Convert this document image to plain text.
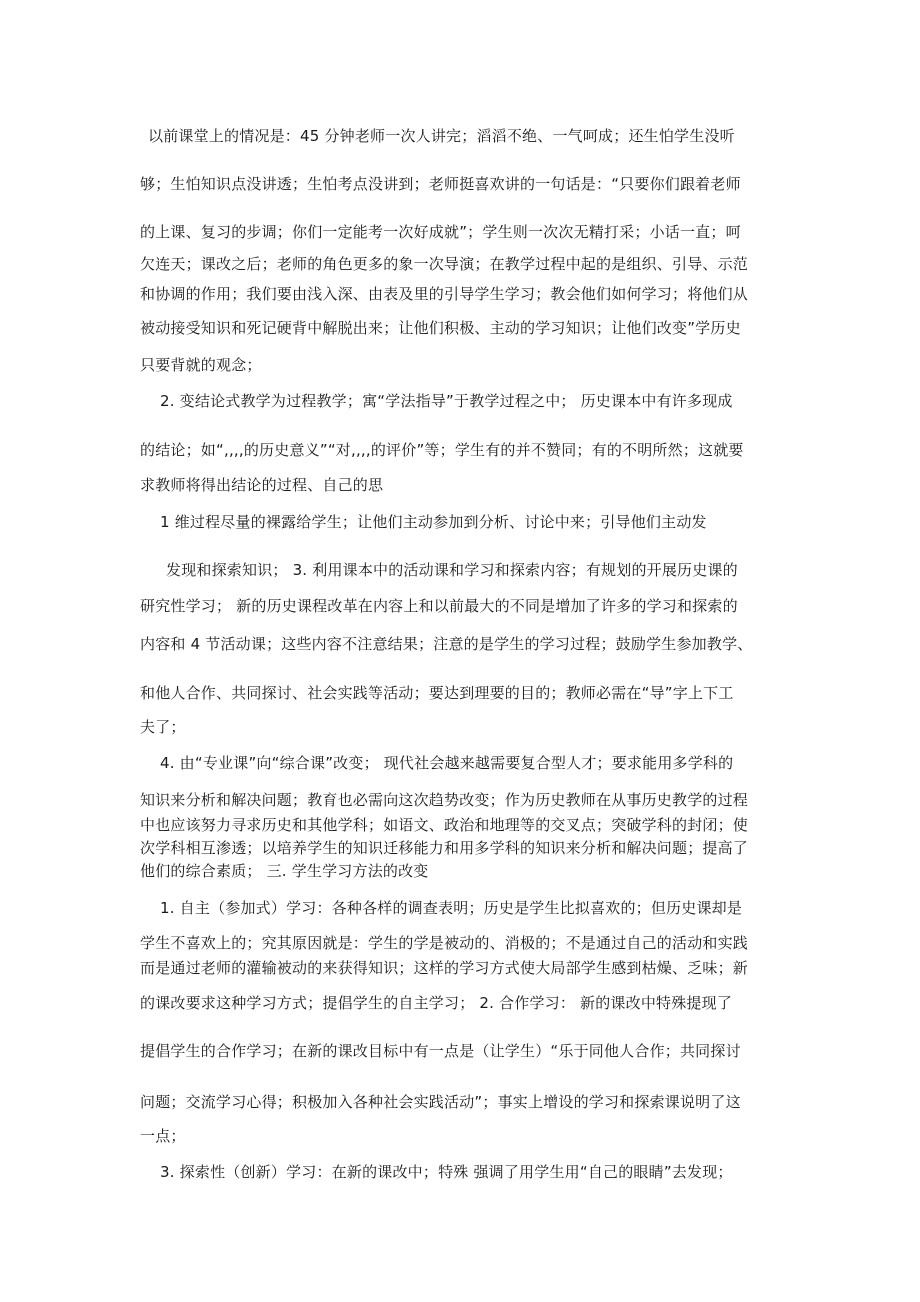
以前课堂上的情况是：45 分钟老师一次人讲完；滔滔不绝、一气呵成；还生怕学生没听
够；生怕知识点没讲透；生怕考点没讲到；老师挺喜欢讲的一句话是：“只要你们跟着老师
的上课、复习的步调；你们一定能考一次好成就”；学生则一次次无精打采；小话一直；呵
欠连天；课改之后；老师的角色更多的象一次导演；在教学过程中起的是组织、引导、示范
和协调的作用；我们要由浅入深、由表及里的引导学生学习；教会他们如何学习；将他们从
被动接受知识和死记硬背中解脱出来；让他们积极、主动的学习知识；让他们改变”学历史
只要背就的观念；
2. 变结论式教学为过程教学；寓“学法指导”于教学过程之中； 历史课本中有许多现成
的结论；如“,,,,的历史意义”“对,,,,的评价”等；学生有的并不赞同；有的不明所然；这就要
求教师将得出结论的过程、自己的思
1 维过程尽量的裸露给学生；让他们主动参加到分析、讨论中来；引导他们主动发
发现和探索知识； 3. 利用课本中的活动课和学习和探索内容；有规划的开展历史课的
研究性学习； 新的历史课程改革在内容上和以前最大的不同是增加了许多的学习和探索的
内容和 4 节活动课；这些内容不注意结果；注意的是学生的学习过程；鼓励学生参加教学、
和他人合作、共同探讨、社会实践等活动；要达到理要的目的；教师必需在“导”字上下工
夫了；
4. 由“专业课”向“综合课”改变； 现代社会越来越需要复合型人才；要求能用多学科的
知识来分析和解决问题；教育也必需向这次趋势改变；作为历史教师在从事历史教学的过程
中也应该努力寻求历史和其他学科；如语文、政治和地理等的交叉点；突破学科的封闭；使
次学科相互渗透；以培养学生的知识迁移能力和用多学科的知识来分析和解决问题；提高了
他们的综合素质； 三. 学生学习方法的改变
1. 自主（参加式）学习：各种各样的调查表明；历史是学生比拟喜欢的；但历史课却是
学生不喜欢上的；究其原因就是：学生的学是被动的、消极的；不是通过自己的活动和实践
而是通过老师的灌输被动的来获得知识；这样的学习方式使大局部学生感到枯燥、乏味；新
的课改要求这种学习方式；提倡学生的自主学习； 2. 合作学习： 新的课改中特殊提现了
提倡学生的合作学习；在新的课改目标中有一点是（让学生）“乐于同他人合作；共同探讨
问题；交流学习心得；积极加入各种社会实践活动”；事实上增设的学习和探索课说明了这
一点；
3. 探索性（创新）学习：在新的课改中；特殊 强调了用学生用“自己的眼睛”去发现；
